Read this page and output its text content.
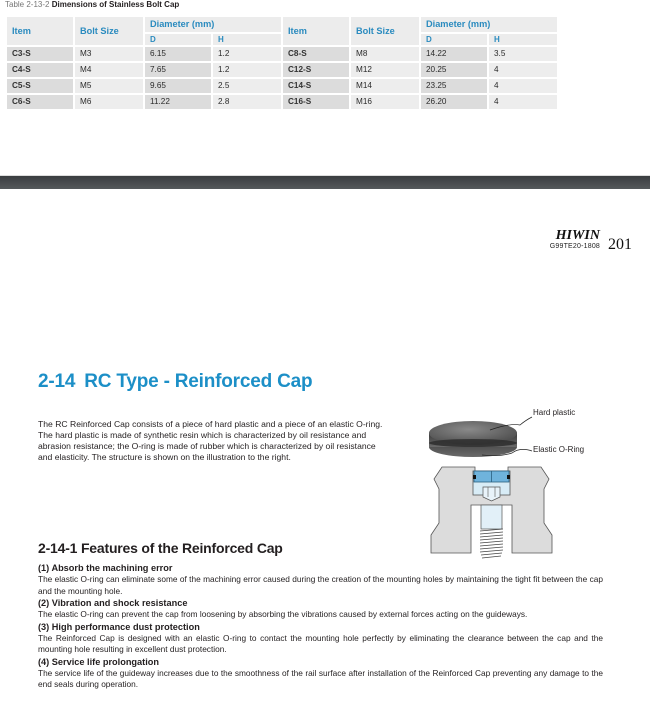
Table 2-13-2 Dimensions of Stainless Bolt Cap
Item	Bolt Size	Diameter (mm)		Item	Bolt Size	Diameter (mm)	
		D	H			D	H
C3-S	M3	6.15	1.2	C8-S	M8	14.22	3.5
C4-S	M4	7.65	1.2	C12-S	M12	20.25	4
C5-S	M5	9.65	2.5	C14-S	M14	23.25	4
C6-S	M6	11.22	2.8	C16-S	M16	26.20	4
HIWIN
G99TE20-1808 201
2-14 RC Type - Reinforced Cap

The RC Reinforced Cap consists of a piece of hard plastic and a piece of an elastic O-ring.

The hard plastic is made of synthetic resin which is characterized by oil resistance and abrasion resistance; the O-ring is made of rubber which is characterized by oil resistance and elasticity. The structure is shown on the illustration to the right.

Hard plastic
Elastic O-Ring
2-14-1 Features of the Reinforced Cap
(1) Absorb the machining error

The elastic O-ring can eliminate some of the machining error caused during the creation of the mounting holes by maintaining the tight fit between the cap and the mounting hole.

(2) Vibration and shock resistance

The elastic O-ring can prevent the cap from loosening by absorbing the vibrations caused by external forces acting on the guideways.

(3) High performance dust protection

The Reinforced Cap is designed with an elastic O-ring to contact the mounting hole perfectly by eliminating the clearance between the cap and the mounting hole resulting in excellent dust protection.

(4) Service life prolongation

The service life of the guideway increases due to the smoothness of the rail surface after installation of the Reinforced Cap preventing any damage to the end seals during operation.
